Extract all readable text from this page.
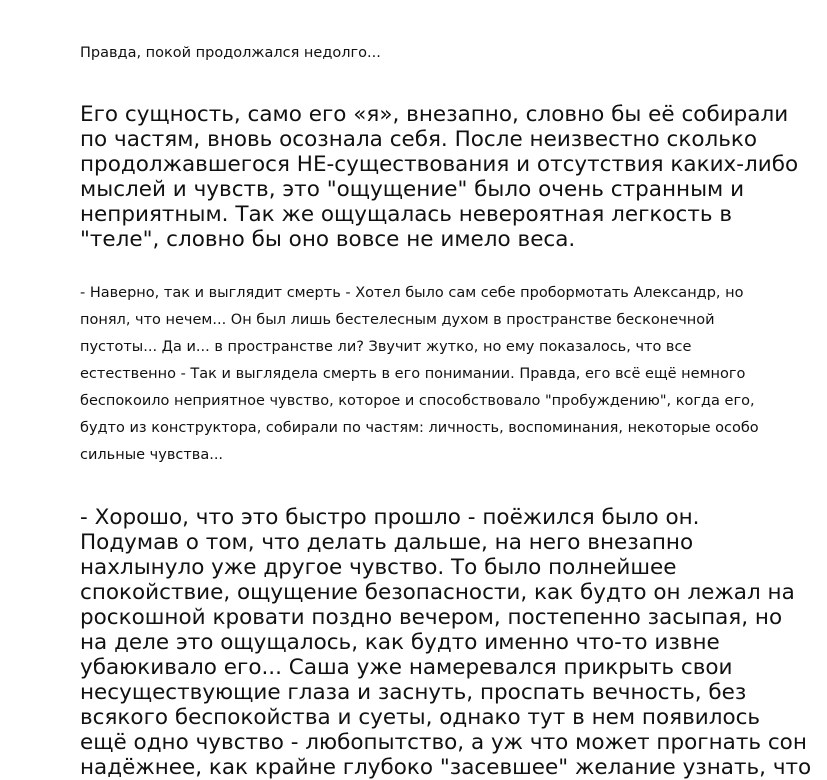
Правда, покой продолжался недолго...
Его сущность, само его «я», внезапно, словно бы её собирали
по частям, вновь осознала себя. После неизвестно сколько
продолжавшегося НЕ-существования и отсутствия каких-либо
мыслей и чувств, это "ощущение" было очень странным и
неприятным. Так же ощущалась невероятная легкость в
"теле", словно бы оно вовсе не имело веса.
- Наверно, так и выглядит смерть - Хотел было сам себе пробормотать Александр, но
понял, что нечем... Он был лишь бестелесным духом в пространстве бесконечной
пустоты... Да и... в пространстве ли? Звучит жутко, но ему показалось, что все
естественно - Так и выглядела смерть в его понимании. Правда, его всё ещё немного
беспокоило неприятное чувство, которое и способствовало "пробуждению", когда его,
будто из конструктора, собирали по частям: личность, воспоминания, некоторые особо
сильные чувства...
- Хорошо, что это быстро прошло - поёжился было он.
Подумав о том, что делать дальше, на него внезапно
нахлынуло уже другое чувство. То было полнейшее
спокойствие, ощущение безопасности, как будто он лежал на
роскошной кровати поздно вечером, постепенно засыпая, но
на деле это ощущалось, как будто именно что-то извне
убаюкивало его... Саша уже намеревался прикрыть свои
несуществующие глаза и заснуть, проспать вечность, без
всякого беспокойства и суеты, однако тут в нем появилось
ещё одно чувство - любопытство, а уж что может прогнать сон
надёжнее, как крайне глубоко "засевшее" желание узнать, что
